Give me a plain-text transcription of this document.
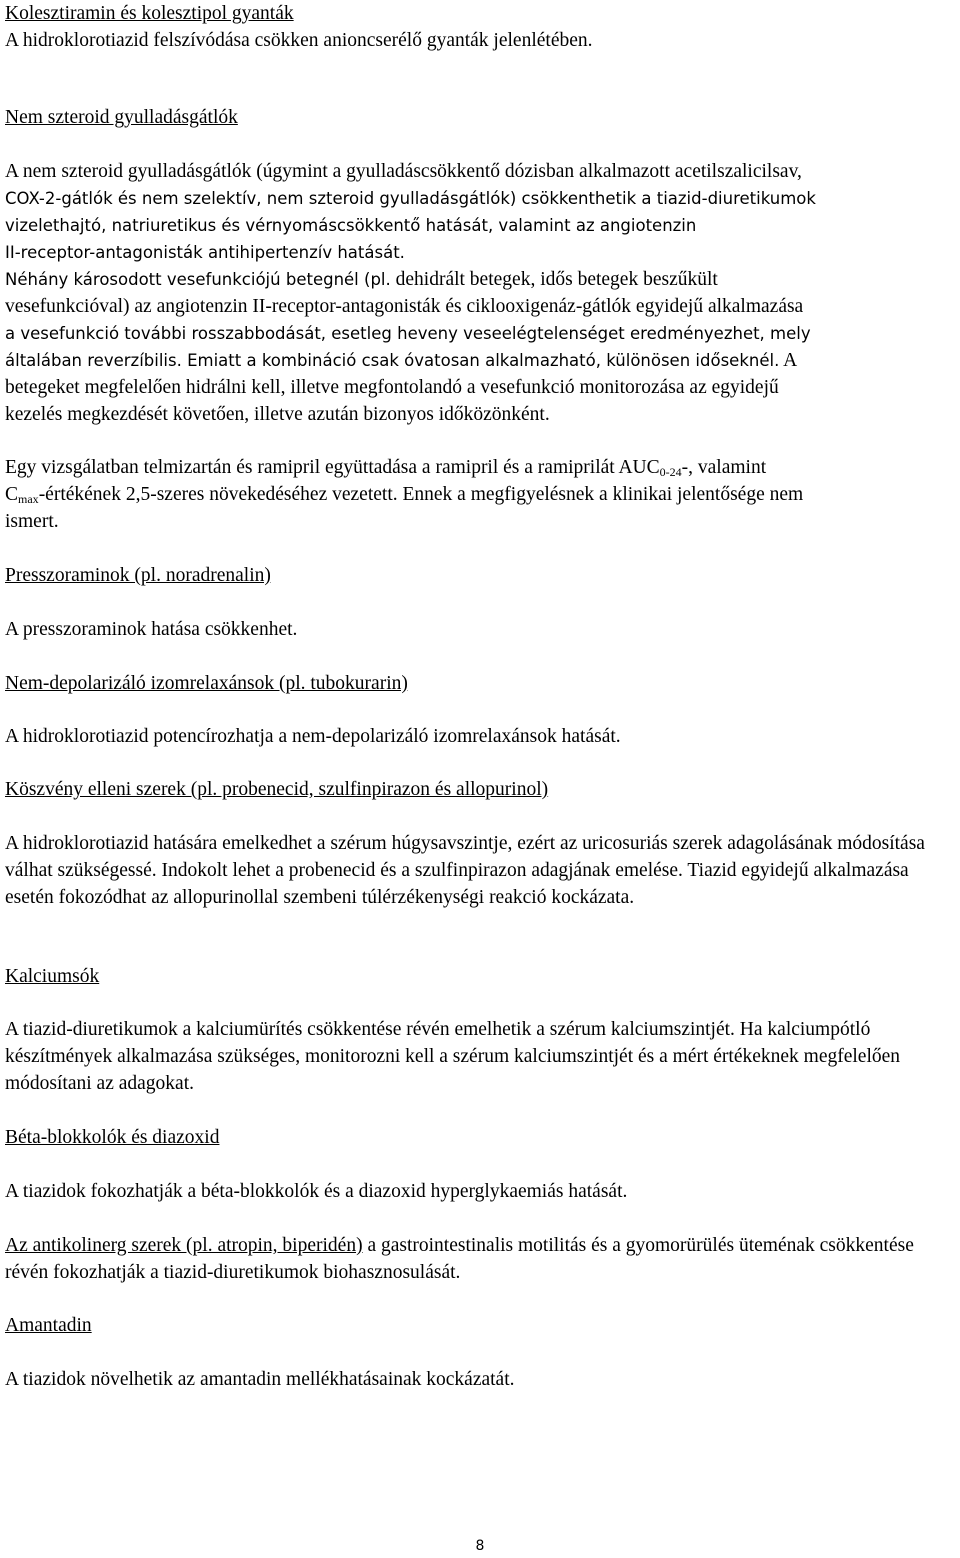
Kolesztiramin és kolesztipol gyanták
A hidroklorotiazid felszívódása csökken anioncserélő gyanták jelenlétében.
Nem szteroid gyulladásgátlók
A nem szteroid gyulladásgátlók (úgymint a gyulladáscsökkentő dózisban alkalmazott acetilszalicilsav,
COX-2-gátlók és nem szelektív, nem szteroid gyulladásgátlók) csökkenthetik a tiazid-diuretikumok
vizelethajtó, natriuretikus és vérnyomáscsökkentő hatását, valamint az angiotenzin
II-receptor-antagonisták antihipertenzív hatását.
Néhány károsodott vesefunkciójú betegnél (pl. dehidrált betegek, idős betegek beszűkült
vesefunkcióval) az angiotenzin II-receptor-antagonisták és ciklooxigenáz-gátlók egyidejű alkalmazása
a vesefunkció további rosszabbodását, esetleg heveny veseelégtelenséget eredményezhet, mely
általában reverzíbilis. Emiatt a kombináció csak óvatosan alkalmazható, különösen időseknél. A
betegeket megfelelően hidrálni kell, illetve megfontolandó a vesefunkció monitorozása az egyidejű
kezelés megkezdését követően, illetve azután bizonyos időközönként.
Egy vizsgálatban telmizartán és ramipril együttadása a ramipril és a ramiprilát $AUC_{0-24}-$, valamint
$C_{max}$-értékének 2,5-szeres növekedéséhez vezetett. Ennek a megfigyelésnek a klinikai jelentősége nem
ismert.
Presszoraminok (pl. noradrenalin)
A presszoraminok hatása csökkenhet.
Nem-depolarizáló izomrelaxánsok (pl. tubokurarin)
A hidroklorotiazid potencírozhatja a nem-depolarizáló izomrelaxánsok hatását.
Köszvény elleni szerek (pl. probenecid, szulfinpirazon és allopurinol)
A hidroklorotiazid hatására emelkedhet a szérum húgysavszintje, ezért az uricosuriás szerek adagolásának módosítása válhat szükségessé. Indokolt lehet a probenecid és a szulfinpirazon adagjának emelése. Tiazid egyidejű alkalmazása esetén fokozódhat az allopurinollal szembeni túlérzékenységi reakció kockázata.
Kalciumsók
A tiazid-diuretikumok a kalciumürítés csökkentése révén emelhetik a szérum kalciumszintjét. Ha kalciumpótló készítmények alkalmazása szükséges, monitorozni kell a szérum kalciumszintjét és a mért értékeknek megfelelően módosítani az adagokat.
Béta-blokkolók és diazoxid
A tiazidok fokozhatják a béta-blokkolók és a diazoxid hyperglykaemiás hatását.
Az antikolinerg szerek (pl. atropin, biperidén) a gastrointestinalis motilitás és a gyomorürülés üteménak csökkentése révén fokozhatják a tiazid-diuretikumok biohasznosulását.
Amantadin
A tiazidok növelhetik az amantadin mellékhatásainak kockázatát.
8
